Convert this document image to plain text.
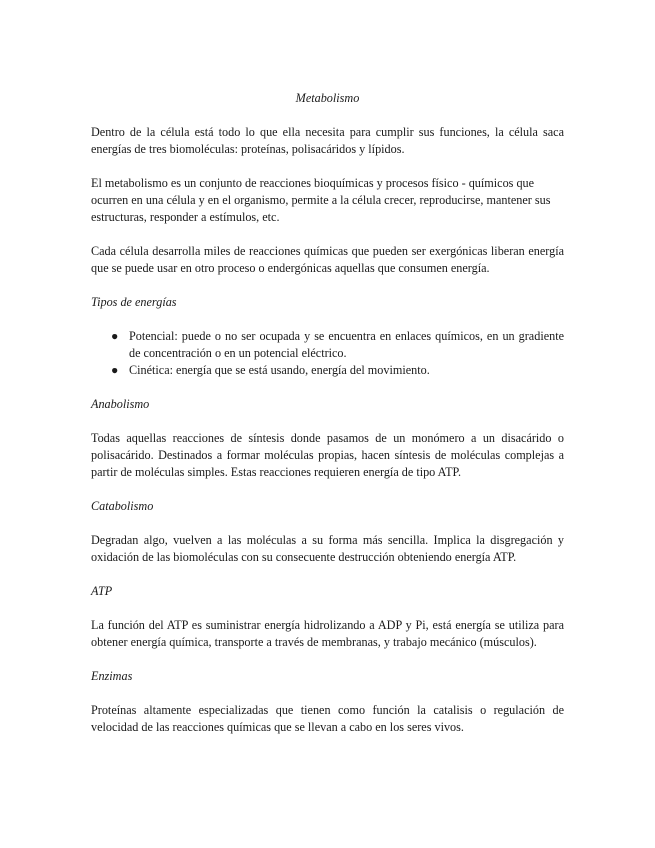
Metabolismo

Dentro de la célula está todo lo que ella necesita para cumplir sus funciones, la célula saca energías de tres biomoléculas: proteínas, polisacáridos y lípidos.

El metabolismo es un conjunto de reacciones bioquímicas y procesos físico - químicos que ocurren en una célula y en el organismo, permite a la célula crecer, reproducirse, mantener sus estructuras, responder a estímulos, etc.

Cada célula desarrolla miles de reacciones químicas que pueden ser exergónicas liberan energía que se puede usar en otro proceso o endergónicas aquellas que consumen energía.

Tipos de energías
● Potencial: puede o no ser ocupada y se encuentra en enlaces químicos, en un gradiente de concentración o en un potencial eléctrico.
● Cinética: energía que se está usando, energía del movimiento.
Anabolismo

Todas aquellas reacciones de síntesis donde pasamos de un monómero a un disacárido o polisacárido. Destinados a formar moléculas propias, hacen síntesis de moléculas complejas a partir de moléculas simples. Estas reacciones requieren energía de tipo ATP.

Catabolismo

Degradan algo, vuelven a las moléculas a su forma más sencilla. Implica la disgregación y oxidación de las biomoléculas con su consecuente destrucción obteniendo energía ATP.

ATP

La función del ATP es suministrar energía hidrolizando a ADP y Pi, está energía se utiliza para obtener energía química, transporte a través de membranas, y trabajo mecánico (músculos).

Enzimas

Proteínas altamente especializadas que tienen como función la catalisis o regulación de velocidad de las reacciones químicas que se llevan a cabo en los seres vivos.
